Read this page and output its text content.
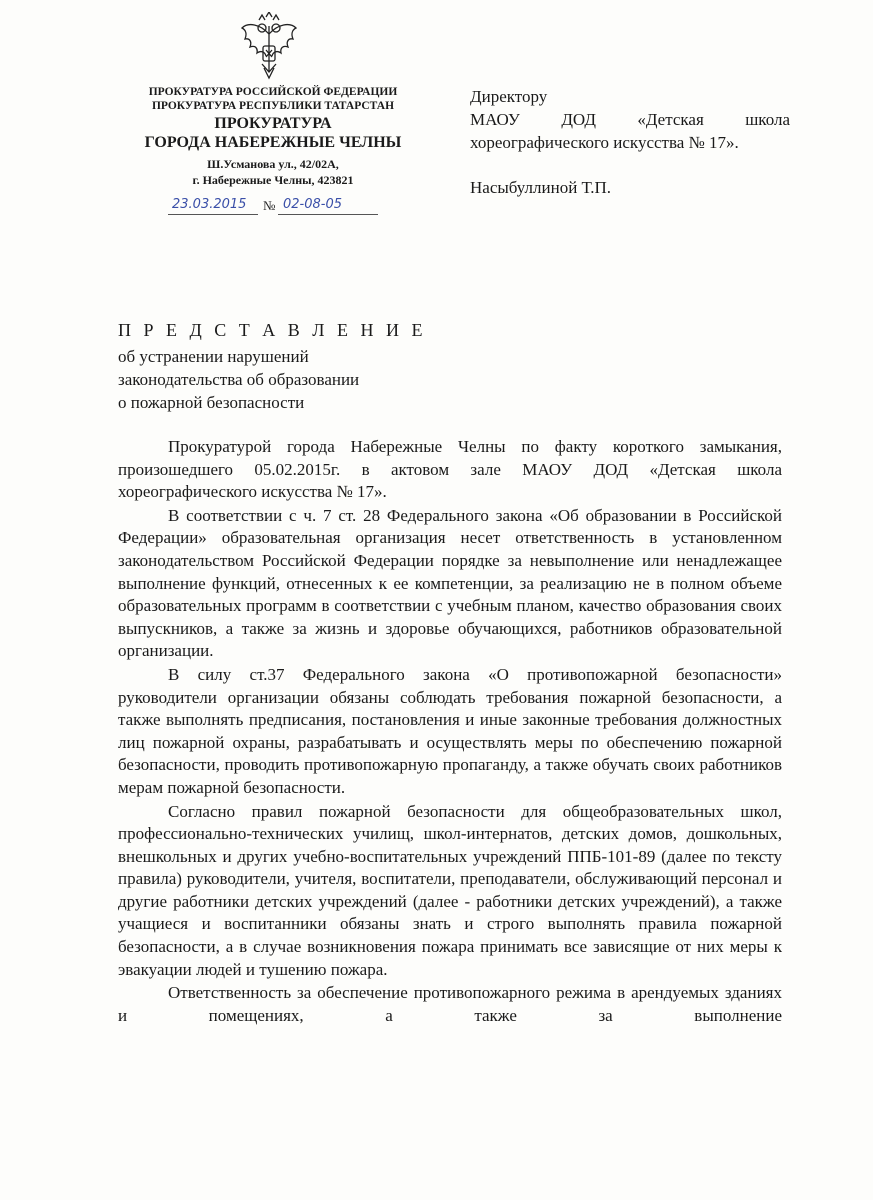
ПРОКУРАТУРА РОССИЙСКОЙ ФЕДЕРАЦИИ
ПРОКУРАТУРА РЕСПУБЛИКИ ТАТАРСТАН
ПРОКУРАТУРА
ГОРОДА НАБЕРЕЖНЫЕ ЧЕЛНЫ
Ш.Усманова ул., 42/02А,
г. Набережные Челны, 423821
23.03.2015 № 02-08-05
Директору
МАОУ ДОД «Детская школа
хореографического искусства № 17».
Насыбуллиной Т.П.
П Р Е Д С Т А В Л Е Н И Е
об устранении нарушений
законодательства об образовании
о пожарной безопасности

Прокуратурой города Набережные Челны по факту короткого замыкания, произошедшего 05.02.2015г. в актовом зале МАОУ ДОД «Детская школа хореографического искусства № 17».

В соответствии с ч. 7 ст. 28 Федерального закона «Об образовании в Российской Федерации» образовательная организация несет ответственность в установленном законодательством Российской Федерации порядке за невыполнение или ненадлежащее выполнение функций, отнесенных к ее компетенции, за реализацию не в полном объеме образовательных программ в соответствии с учебным планом, качество образования своих выпускников, а также за жизнь и здоровье обучающихся, работников образовательной организации.

В силу ст.37 Федерального закона «О противопожарной безопасности» руководители организации обязаны соблюдать требования пожарной безопасности, а также выполнять предписания, постановления и иные законные требования должностных лиц пожарной охраны, разрабатывать и осуществлять меры по обеспечению пожарной безопасности, проводить противопожарную пропаганду, а также обучать своих работников мерам пожарной безопасности.

Согласно правил пожарной безопасности для общеобразовательных школ, профессионально-технических училищ, школ-интернатов, детских домов, дошкольных, внешкольных и других учебно-воспитательных учреждений ППБ-101-89 (далее по тексту правила) руководители, учителя, воспитатели, преподаватели, обслуживающий персонал и другие работники детских учреждений (далее - работники детских учреждений), а также учащиеся и воспитанники обязаны знать и строго выполнять правила пожарной безопасности, а в случае возникновения пожара принимать все зависящие от них меры к эвакуации людей и тушению пожара.

Ответственность за обеспечение противопожарного режима в арендуемых зданиях и помещениях, а также за выполнение
